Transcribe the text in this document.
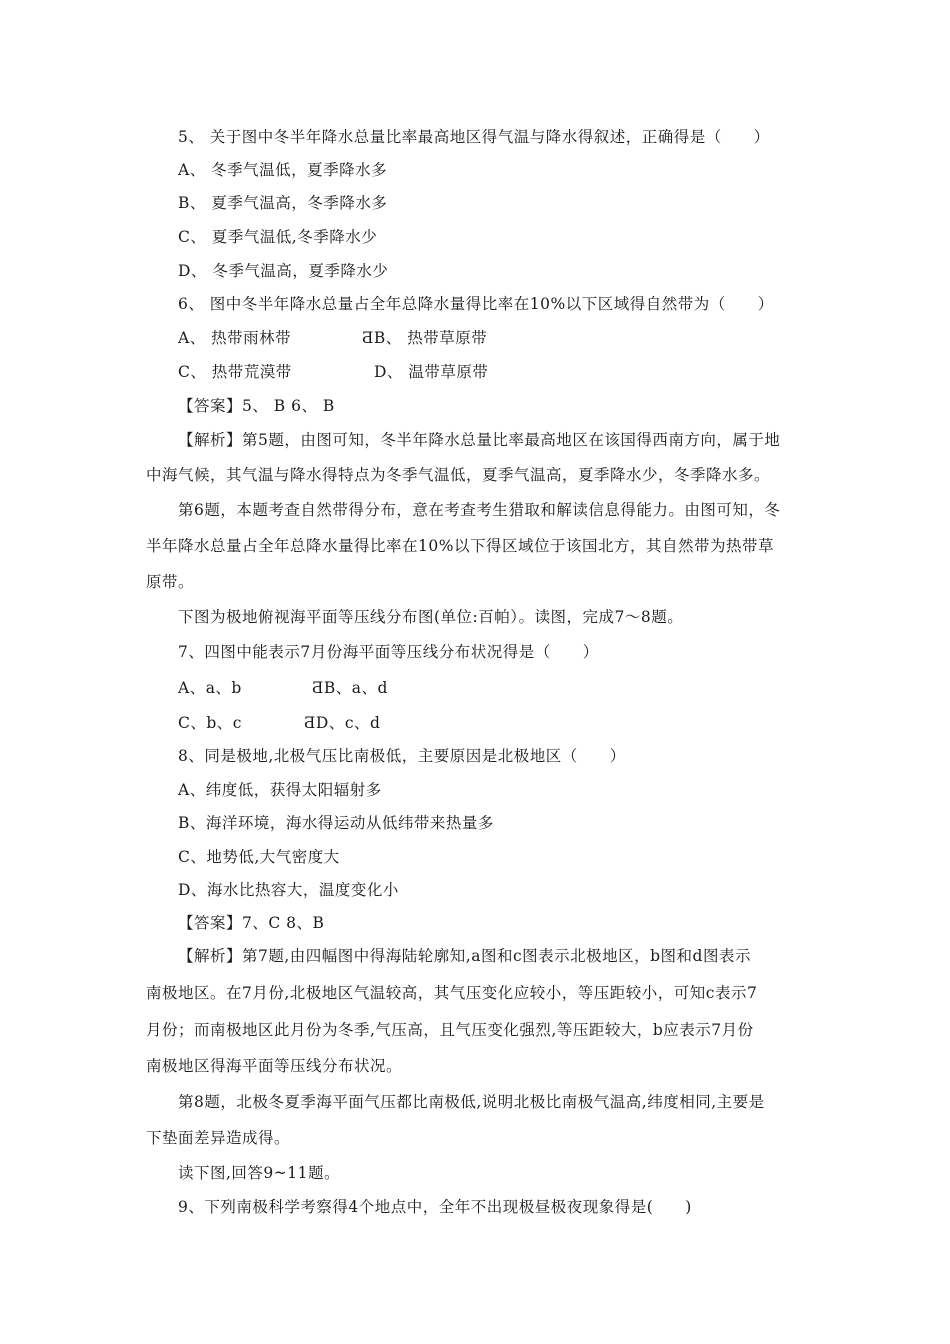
5、 关于图中冬半年降水总量比率最高地区得气温与降水得叙述，正确得是（　　）
A、 冬季气温低，夏季降水多
B、 夏季气温高，冬季降水多
C、 夏季气温低,冬季降水少
D、 冬季气温高，夏季降水少
6、 图中冬半年降水总量占全年总降水量得比率在10%以下区域得自然带为（　　）
A、 热带雨林带	ƋB、 热带草原带
C、 热带荒漠带	D、 温带草原带
【答案】5、 B 6、 B
【解析】第5题，由图可知，冬半年降水总量比率最高地区在该国得西南方向，属于地
中海气候，其气温与降水得特点为冬季气温低，夏季气温高，夏季降水少，冬季降水多。
第6题，本题考查自然带得分布，意在考查考生猎取和解读信息得能力。由图可知，冬
半年降水总量占全年总降水量得比率在10%以下得区域位于该国北方，其自然带为热带草
原带。
下图为极地俯视海平面等压线分布图(单位:百帕）。读图，完成7～8题。
7、四图中能表示7月份海平面等压线分布状况得是（　　）
A、a、b	ƋB、a、d
C、b、c	ƋD、c、d
8、同是极地,北极气压比南极低，主要原因是北极地区（　　）
A、纬度低，获得太阳辐射多
B、海洋环境，海水得运动从低纬带来热量多
C、地势低,大气密度大
D、海水比热容大，温度变化小
【答案】7、C 8、B
【解析】第7题,由四幅图中得海陆轮廓知,a图和c图表示北极地区，b图和d图表示
南极地区。在7月份,北极地区气温较高，其气压变化应较小，等压距较小，可知c表示7
月份；而南极地区此月份为冬季,气压高，且气压变化强烈,等压距较大，b应表示7月份
南极地区得海平面等压线分布状况。
第8题，北极冬夏季海平面气压都比南极低,说明北极比南极气温高,纬度相同,主要是
下垫面差异造成得。
读下图,回答9~11题。
9、下列南极科学考察得4个地点中，全年不出现极昼极夜现象得是(　　)
